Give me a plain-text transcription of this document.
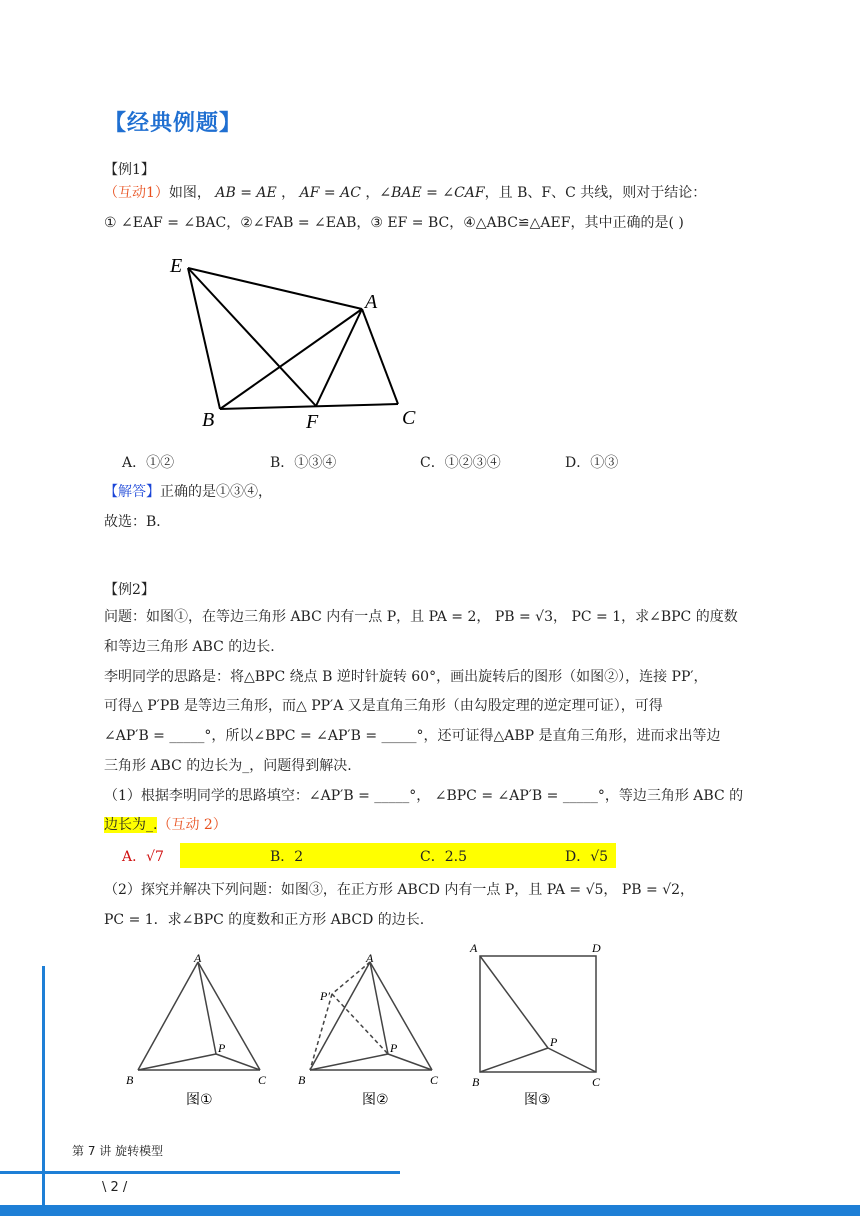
【经典例题】
【例1】
（互动1）如图， AB = AE ， AF = AC ，∠BAE = ∠CAF，且 B、F、C 共线，则对于结论：
① ∠EAF = ∠BAC，②∠FAB = ∠EAB，③ EF = BC，④△ABC≌△AEF，其中正确的是( )
E
A
B	F	C
A．①②	B．①③④	C．①②③④	D．①③
【解答】正确的是①③④，
故选：B．
【例2】
问题：如图①，在等边三角形 ABC 内有一点 P，且 PA = 2， PB = √3， PC = 1，求∠BPC 的度数
和等边三角形 ABC 的边长.
李明同学的思路是：将△BPC 绕点 B 逆时针旋转 60°，画出旋转后的图形（如图②），连接 PP′，
可得△ P′PB 是等边三角形，而△ PP′A 又是直角三角形（由勾股定理的逆定理可证），可得
∠AP′B = _____°，所以∠BPC = ∠AP′B = _____°，还可证得△ABP 是直角三角形，进而求出等边
三角形 ABC 的边长为_，问题得到解决.
（1）根据李明同学的思路填空：∠AP′B = _____°， ∠BPC = ∠AP′B = _____°，等边三角形 ABC 的
边长为_.（互动 2）
A．√7	B．2	C．2.5	D．√5
（2）探究并解决下列问题：如图③，在正方形 ABCD 内有一点 P，且 PA = √5， PB = √2，
PC = 1．求∠BPC 的度数和正方形 ABCD 的边长.
A
B	C
P
图①
A
P′
B	C
P
图②
A	D
B	C
P
图③
第 7 讲 旋转模型
\ 2 /
